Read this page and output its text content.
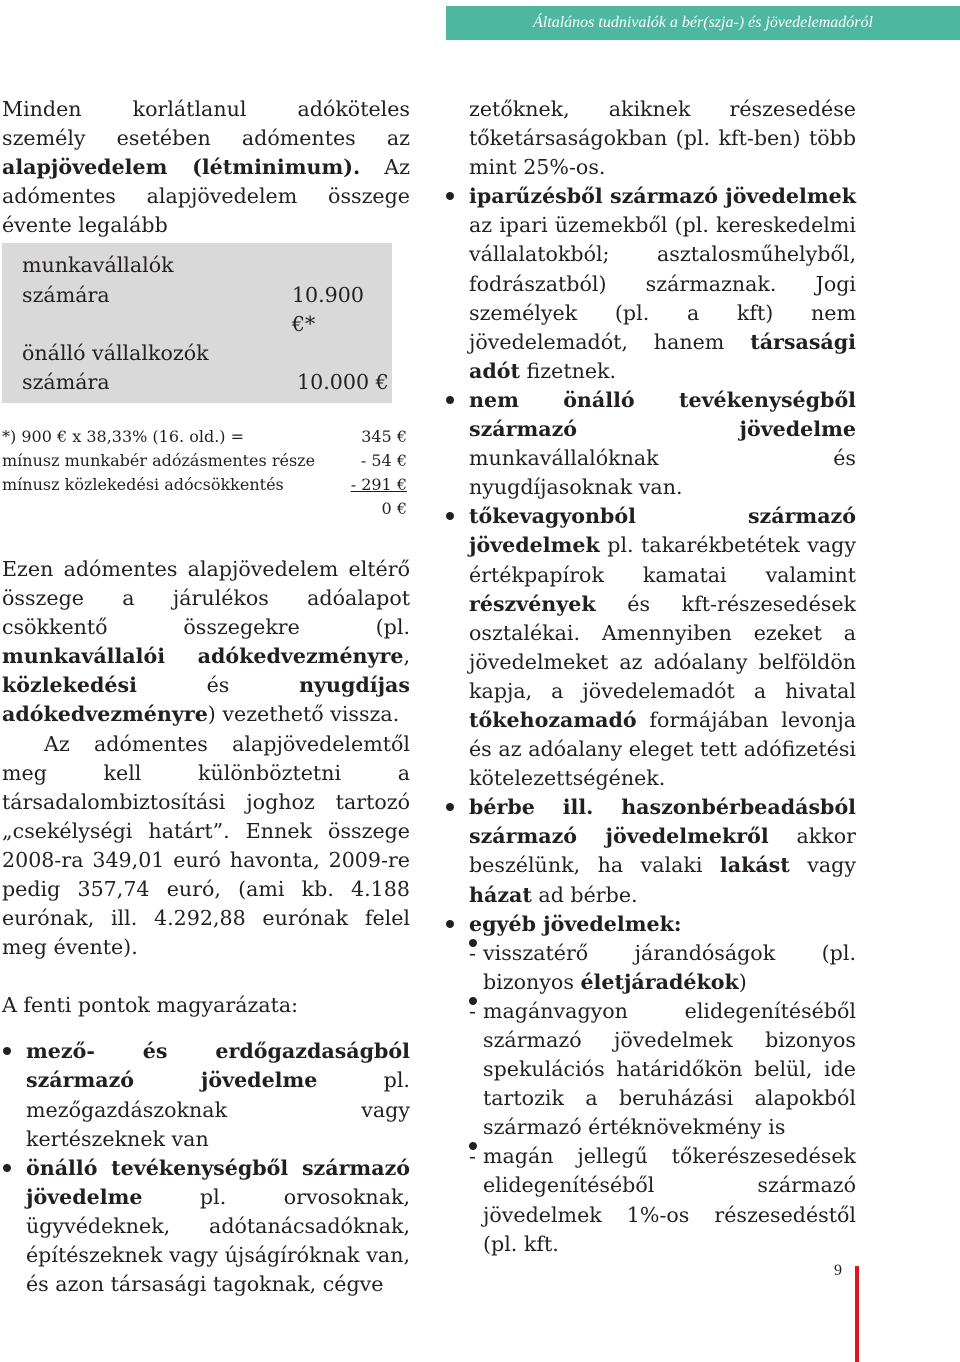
Általános tudnivalók a bér(szja-) és jövedelemadóról

Minden korlátlanul adóköteles személy esetében adómentes az alapjövedelem (létminimum). Az adómentes alapjövedelem összege évente legalább

munkavállalók
számára	10.900 €*
önálló vállalkozók
számára	10.000 €
*) 900 € x 38,33% (16. old.) =	345 €
mínusz munkabér adózásmentes része	- 54 €
mínusz közlekedési adócsökkentés	- 291 €
0 €

Ezen adómentes alapjövedelem eltérő összege a járulékos adóalapot csökkentő összegekre (pl. munkavállalói adókedvezményre, közlekedési és nyugdíjas adókedvezményre) vezethető vissza.

Az adómentes alapjövedelemtől meg kell különböztetni a társadalombiztosítási joghoz tartozó „csekélységi határt”. Ennek összege 2008-ra 349,01 euró havonta, 2009-re pedig 357,74 euró, (ami kb. 4.188 eurónak, ill. 4.292,88 eurónak felel meg évente).

A fenti pontok magyarázata:

mező- és erdőgazdaságból származó jövedelme pl. mezőgazdászoknak vagy kertészeknek van
önálló tevékenységből származó jövedelme pl. orvosoknak, ügyvédeknek, adótanácsadóknak, építészeknek vagy újságíróknak van, és azon társasági tagoknak, cégve

zetőknek, akiknek részesedése tőketársaságokban (pl. kft-ben) több mint 25%-os.

iparűzésből származó jövedelmek az ipari üzemekből (pl. kereskedelmi vállalatokból; asztalosműhelyből, fodrászatból) származnak. Jogi személyek (pl. a kft) nem jövedelemadót, hanem társasági adót fizetnek.
nem önálló tevékenységből származó jövedelme munkavállalóknak és nyugdíjasoknak van.
tőkevagyonból származó jövedelmek pl. takarékbetétek vagy értékpapírok kamatai valamint részvények és kft-részesedések osztalékai. Amennyiben ezeket a jövedelmeket az adóalany belföldön kapja, a jövedelemadót a hivatal tőkehozamadó formájában levonja és az adóalany eleget tett adófizetési kötelezettségének.
bérbe ill. haszonbérbeadásból származó jövedelmekről akkor beszélünk, ha valaki lakást vagy házat ad bérbe.
egyéb jövedelmek:
- visszatérő járandóságok (pl. bizonyos életjáradékok)
- magánvagyon elidegenítéséből származó jövedelmek bizonyos spekulációs határidőkön belül, ide tartozik a beruházási alapokból származó értéknövekmény is
- magán jellegű tőkerészesedések elidegenítéséből származó jövedelmek 1%-os részesedéstől (pl. kft.
9
